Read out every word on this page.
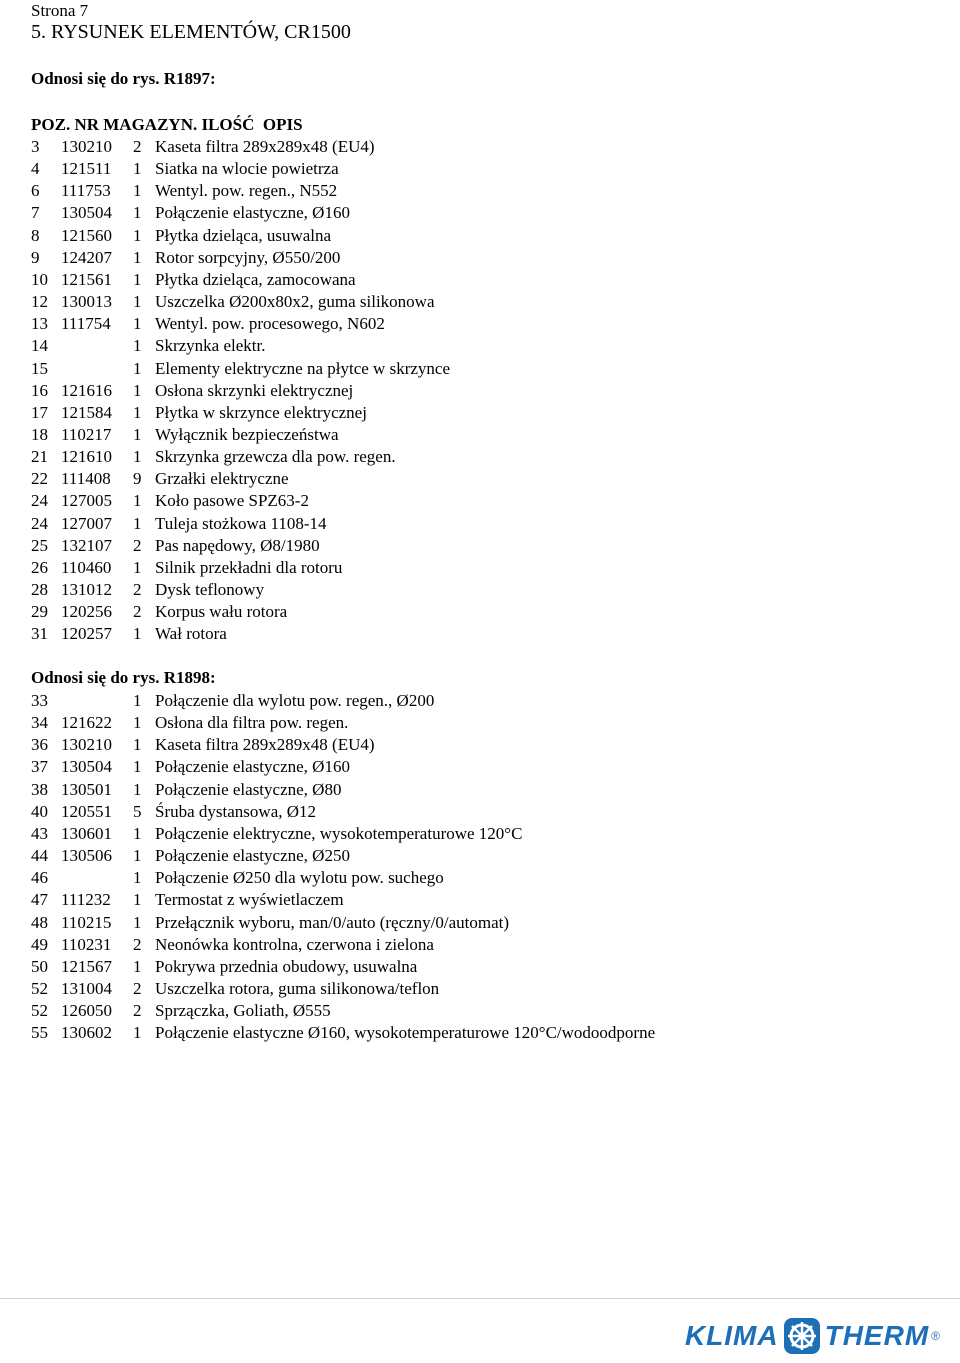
Strona 7
5. RYSUNEK ELEMENTÓW, CR1500
Odnosi się do rys. R1897:
POZ. NR MAGAZYN. ILOŚĆ  OPIS
3 130210 2 Kaseta filtra 289x289x48 (EU4)
4 121511 1 Siatka na wlocie powietrza
6 111753 1 Wentyl. pow. regen., N552
7 130504 1 Połączenie elastyczne, Ø160
8 121560 1 Płytka dzieląca, usuwalna
9 124207 1 Rotor sorpcyjny, Ø550/200
10 121561 1 Płytka dzieląca, zamocowana
12 130013 1 Uszczelka Ø200x80x2, guma silikonowa
13 111754 1 Wentyl. pow. procesowego, N602
14	1 Skrzynka elektr.
15	1 Elementy elektryczne na płytce w skrzynce
16 121616 1 Osłona skrzynki elektrycznej
17 121584 1 Płytka w skrzynce elektrycznej
18 110217 1 Wyłącznik bezpieczeństwa
21 121610 1 Skrzynka grzewcza dla pow. regen.
22 111408 9 Grzałki elektryczne
24 127005 1 Koło pasowe SPZ63-2
24 127007 1 Tuleja stożkowa 1108-14
25 132107 2 Pas napędowy, Ø8/1980
26 110460 1 Silnik przekładni dla rotoru
28 131012 2 Dysk teflonowy
29 120256 2 Korpus wału rotora
31 120257 1 Wał rotora
Odnosi się do rys. R1898:
33	1 Połączenie dla wylotu pow. regen., Ø200
34 121622 1 Osłona dla filtra pow. regen.
36 130210 1 Kaseta filtra 289x289x48 (EU4)
37 130504 1 Połączenie elastyczne, Ø160
38 130501 1 Połączenie elastyczne, Ø80
40 120551 5 Śruba dystansowa, Ø12
43 130601 1 Połączenie elektryczne, wysokotemperaturowe 120°C
44 130506 1 Połączenie elastyczne, Ø250
46	1 Połączenie Ø250 dla wylotu pow. suchego
47 111232 1 Termostat z wyświetlaczem
48 110215 1 Przełącznik wyboru, man/0/auto (ręczny/0/automat)
49 110231 2 Neonówka kontrolna, czerwona i zielona
50 121567 1 Pokrywa przednia obudowy, usuwalna
52 131004 2 Uszczelka rotora, guma silikonowa/teflon
52 126050 2 Sprzączka, Goliath, Ø555
55 130602 1 Połączenie elastyczne Ø160, wysokotemperaturowe 120°C/wodoodporne
KLIMA THERM ®
